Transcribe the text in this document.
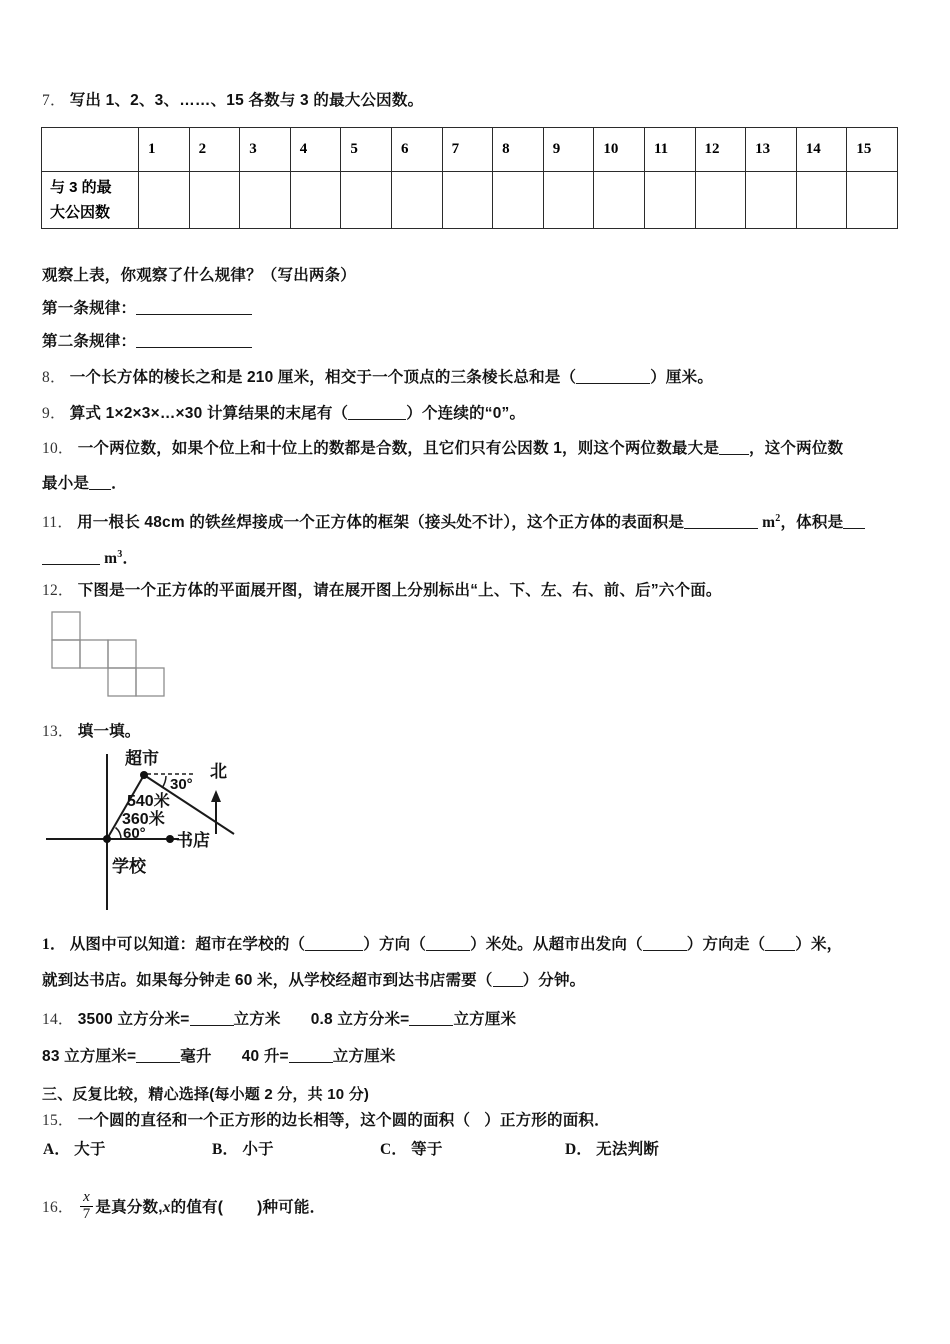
7． 写出 1、2、3、……、15 各数与 3 的最大公因数。
	1	2	3	4	5	6	7	8	9	10	11	12	13	14	15
与 3 的最
大公因数															
观察上表，你观察了什么规律？（写出两条）
第一条规律：
第二条规律：
8． 一个长方体的棱长之和是 210 厘米，相交于一个顶点的三条棱长总和是（	）厘米。
9． 算式 1×2×3×…×30 计算结果的末尾有（	）个连续的“0”。
10． 一个两位数，如果个位上和十位上的数都是合数，且它们只有公因数 1，则这个两位数最大是 ，这个两位数
最小是 ．
11． 用一根长 48cm 的铁丝焊接成一个正方体的框架（接头处不计），这个正方体的表面积是	$m^2$，体积是
$m^3$．
12． 下图是一个正方体的平面展开图，请在展开图上分别标出“上、下、左、右、前、后”六个面。
13． 填一填。
超市
北
30°
540米
360米
60° 书店
学校
1． 从图中可以知道：超市在学校的（	）方向（	）米处。从超市出发向（	）方向走（ ）米，
就到达书店。如果每分钟走 60 米，从学校经超市到达书店需要（ ）分钟。
14． 3500 立方分米=	立方米 0.8 立方分米=	立方厘米
83 立方厘米=	毫升 40 升=	立方厘米
三、反复比较，精心选择(每小题 2 分，共 10 分)
15． 一个圆的直径和一个正方形的边长相等，这个圆的面积（ ）正方形的面积．
A． 大于	B． 小于	C． 等于	D． 无法判断
16． $\frac{x}{7}$ 是真分数,x的值有( )种可能．
